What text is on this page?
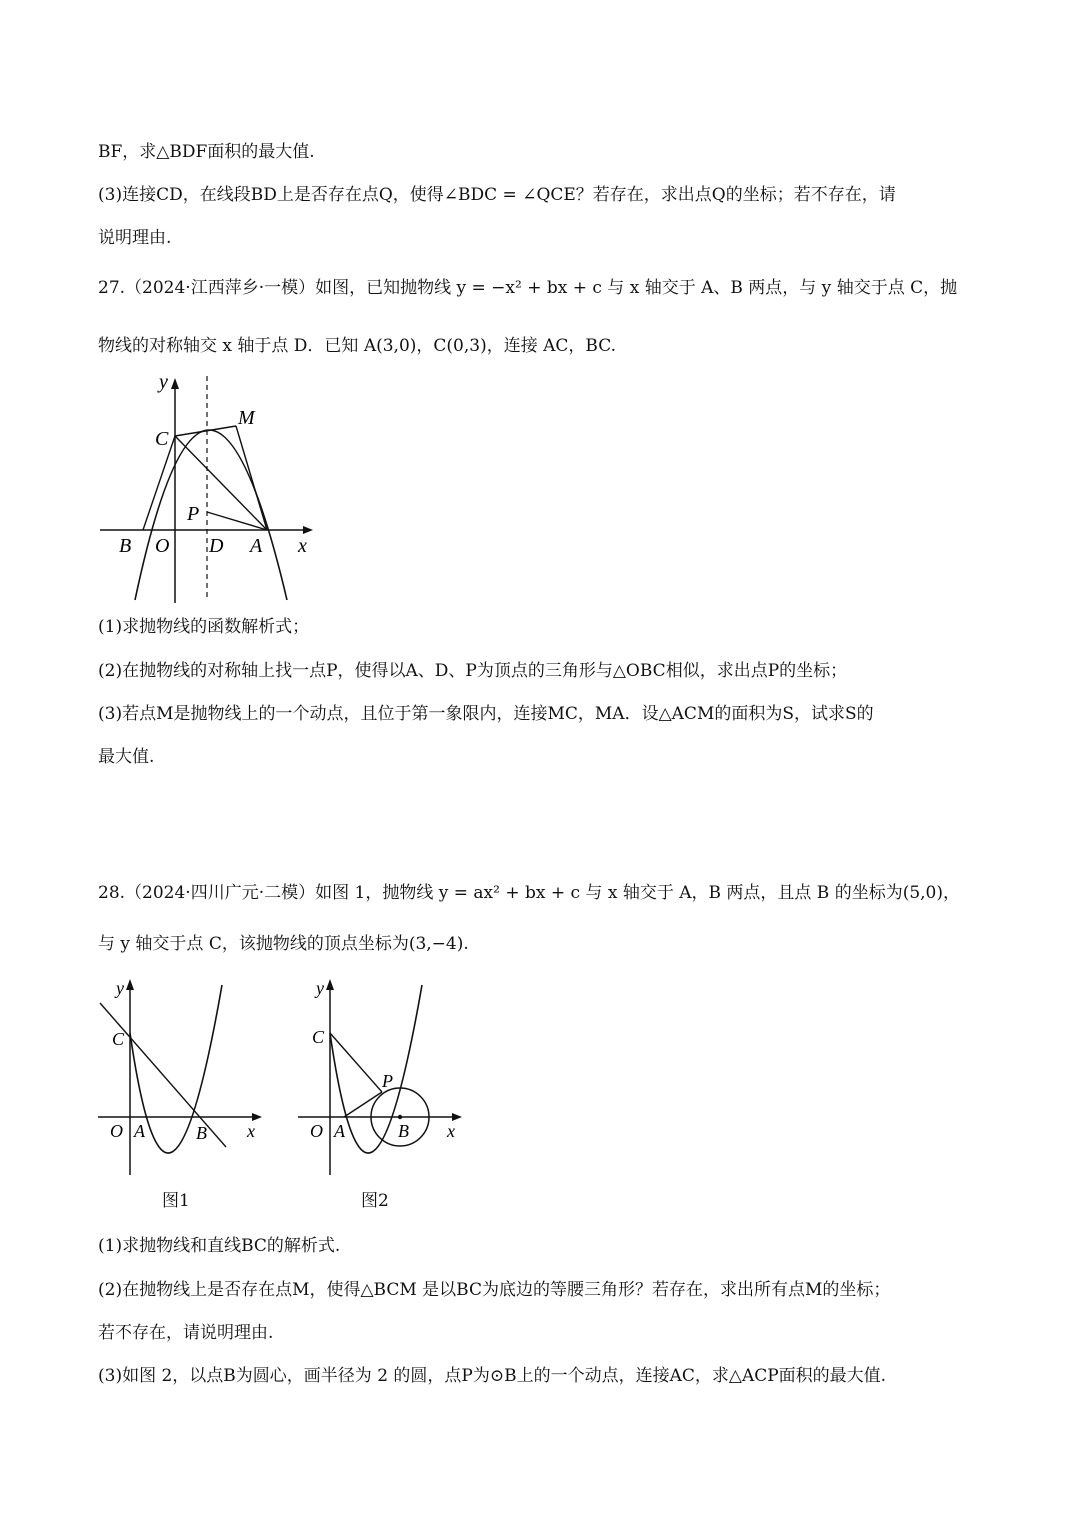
BF，求△BDF面积的最大值.
(3)连接CD，在线段BD上是否存在点Q，使得∠BDC = ∠QCE？若存在，求出点Q的坐标；若不存在，请
说明理由.
27.（2024·江西萍乡·一模）如图，已知抛物线 y = −x² + bx + c 与 x 轴交于 A、B 两点，与 y 轴交于点 C，抛
物线的对称轴交 x 轴于点 D．已知 A(3,0)，C(0,3)，连接 AC，BC.
y
M
C
P
B O D A x
(1)求抛物线的函数解析式；
(2)在抛物线的对称轴上找一点P，使得以A、D、P为顶点的三角形与△OBC相似，求出点P的坐标；
(3)若点M是抛物线上的一个动点，且位于第一象限内，连接MC，MA．设△ACM的面积为S，试求S的
最大值.
28.（2024·四川广元·二模）如图 1，抛物线 y = ax² + bx + c 与 x 轴交于 A，B 两点，且点 B 的坐标为(5,0)，
与 y 轴交于点 C，该抛物线的顶点坐标为(3,−4).
y
C
O A	B x
图1
y
C
P
O A	B x
图2
(1)求抛物线和直线BC的解析式.
(2)在抛物线上是否存在点M，使得△BCM 是以BC为底边的等腰三角形？若存在，求出所有点M的坐标；
若不存在，请说明理由.
(3)如图 2，以点B为圆心，画半径为 2 的圆，点P为⊙B上的一个动点，连接AC，求△ACP面积的最大值.
